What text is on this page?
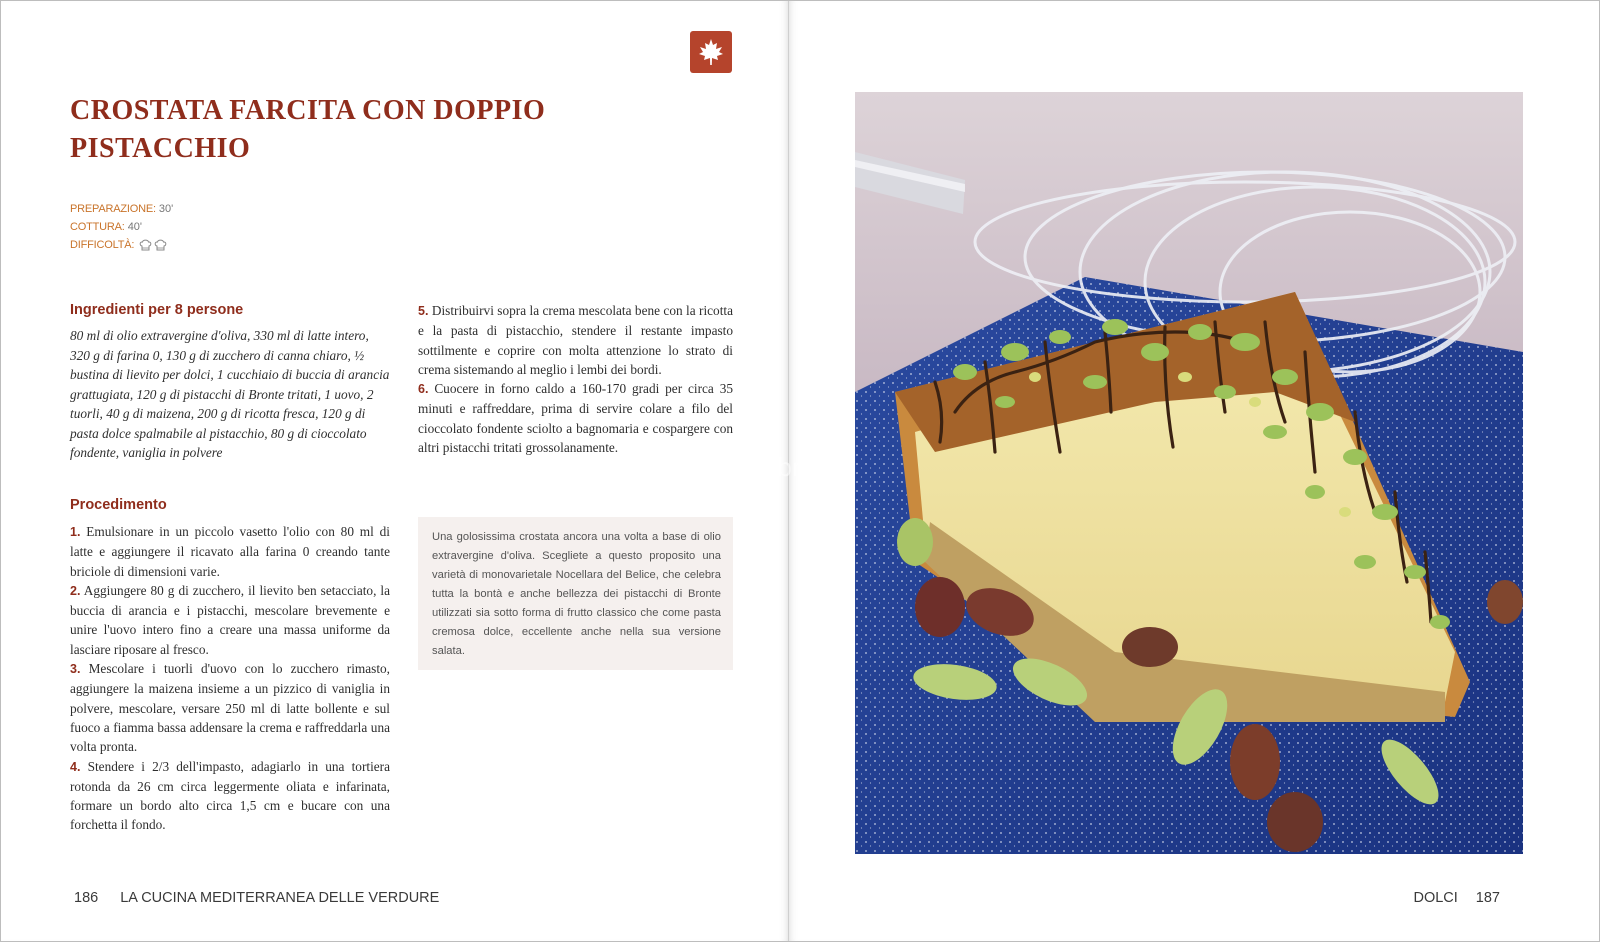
CROSTATA FARCITA CON DOPPIO PISTACCHIO
PREPARAZIONE: 30'
COTTURA: 40'
DIFFICOLTÀ:
Ingredienti per 8 persone

80 ml di olio extravergine d'oliva, 330 ml di latte intero, 320 g di farina 0, 130 g di zucchero di canna chiaro, ½ bustina di lievito per dolci, 1 cucchiaio di buccia di arancia grattugiata, 120 g di pistacchi di Bronte tritati, 1 uovo, 2 tuorli, 40 g di maizena, 200 g di ricotta fresca, 120 g di pasta dolce spalmabile al pistacchio, 80 g di cioccolato fondente, vaniglia in polvere

Procedimento

1. Emulsionare in un piccolo vasetto l'olio con 80 ml di latte e aggiungere il ricavato alla farina 0 creando tante briciole di dimensioni varie.

2. Aggiungere 80 g di zucchero, il lievito ben setacciato, la buccia di arancia e i pistacchi, mescolare brevemente e unire l'uovo intero fino a creare una massa uniforme da lasciare riposare al fresco.

3. Mescolare i tuorli d'uovo con lo zucchero rimasto, aggiungere la maizena insieme a un pizzico di vaniglia in polvere, mescolare, versare 250 ml di latte bollente e sul fuoco a fiamma bassa addensare la crema e raffreddarla una volta pronta.

4. Stendere i 2/3 dell'impasto, adagiarlo in una tortiera rotonda da 26 cm circa leggermente oliata e infarinata, formare un bordo alto circa 1,5 cm e bucare con una forchetta il fondo.

5. Distribuirvi sopra la crema mescolata bene con la ricotta e la pasta di pistacchio, stendere il restante impasto sottilmente e coprire con molta attenzione lo strato di crema sistemando al meglio i lembi dei bordi.

6. Cuocere in forno caldo a 160-170 gradi per circa 35 minuti e raffreddare, prima di servire colare a filo del cioccolato fondente sciolto a bagnomaria e cospargere con altri pistacchi tritati grossolanamente.

Una golosissima crostata ancora una volta a base di olio extravergine d'oliva. Scegliete a questo proposito una varietà di monovarietale Nocellara del Belice, che celebra tutta la bontà e anche bellezza dei pistacchi di Bronte utilizzati sia sotto forma di frutto classico che come pasta cremosa dolce, eccellente anche nella sua versione salata.
186 LA CUCINA MEDITERRANEA DELLE VERDURE
macrolibrarsi
DOLCI 187
